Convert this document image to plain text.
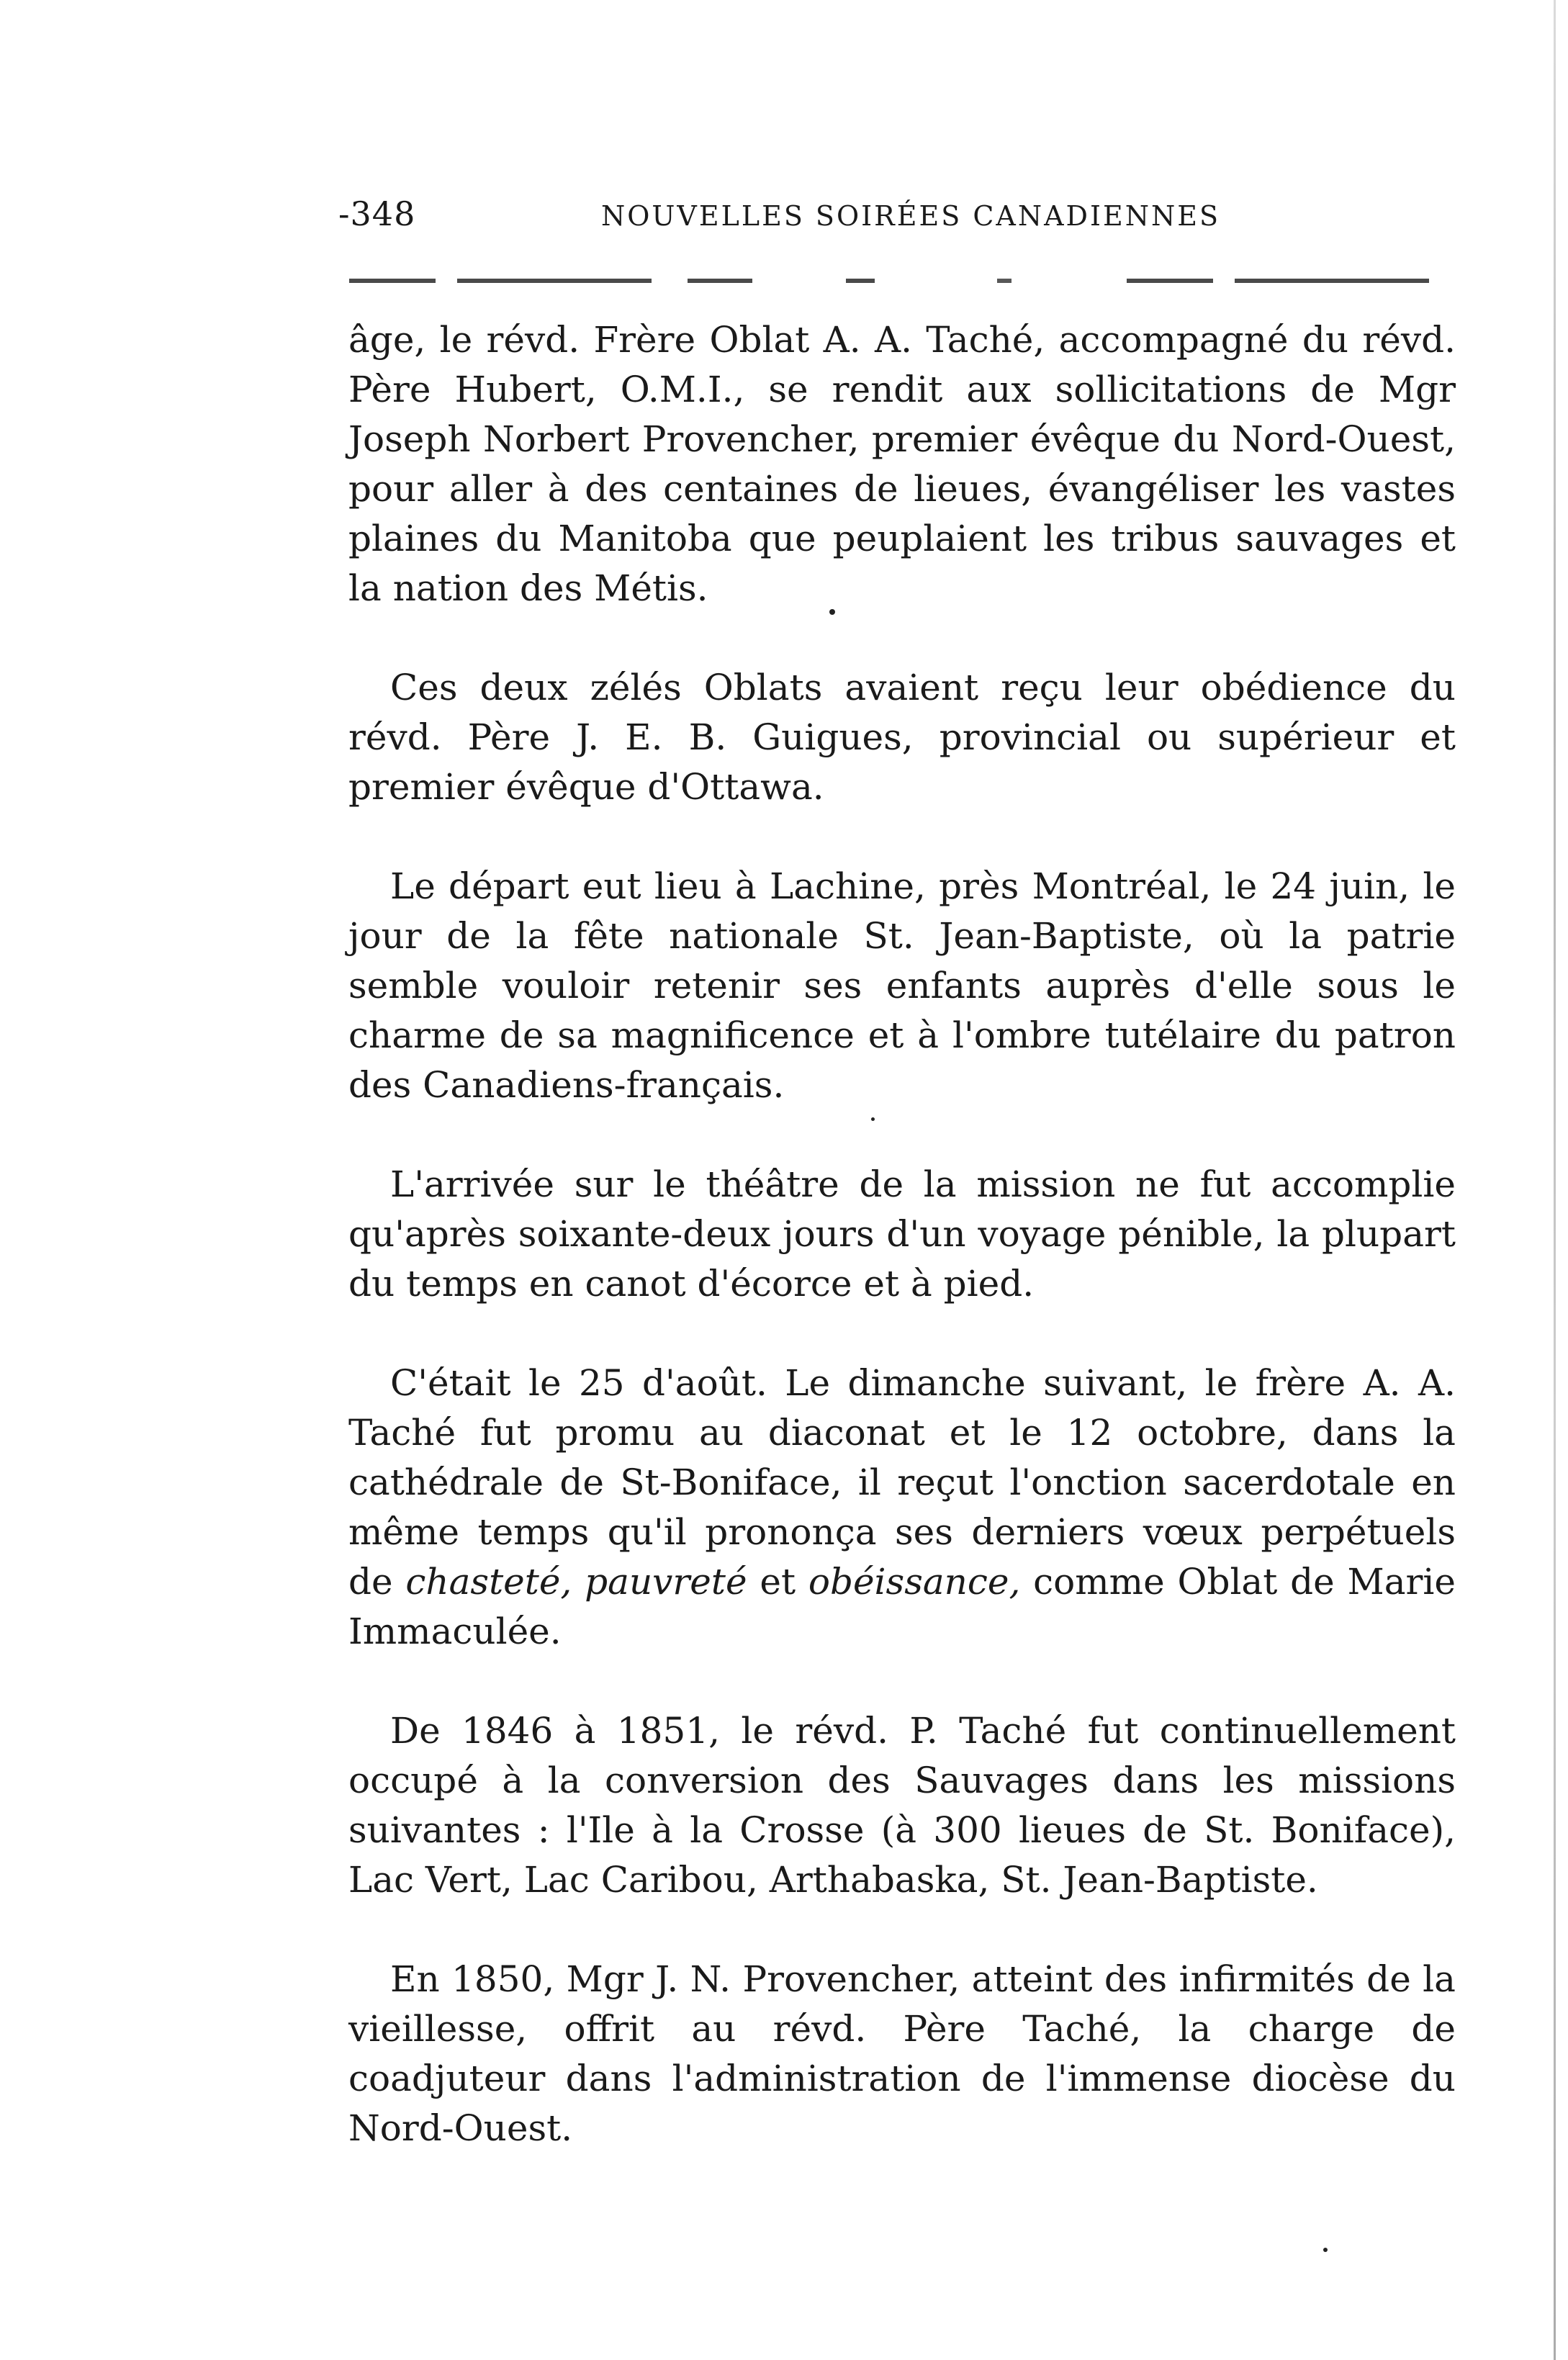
-348	NOUVELLES SOIRÉES CANADIENNES

âge, le révd. Frère Oblat A. A. Taché, accompagné du révd. Père Hubert, O.M.I., se rendit aux sollicitations de Mgr Joseph Norbert Provencher, premier évêque du Nord-Ouest, pour aller à des centaines de lieues, évangéliser les vastes plaines du Manitoba que peuplaient les tribus sauvages et la nation des Métis.

Ces deux zélés Oblats avaient reçu leur obédience du révd. Père J. E. B. Guigues, provincial ou supérieur et premier évêque d'Ottawa.

Le départ eut lieu à Lachine, près Montréal, le 24 juin, le jour de la fête nationale St. Jean-Baptiste, où la patrie semble vouloir retenir ses enfants auprès d'elle sous le charme de sa magnificence et à l'ombre tutélaire du patron des Canadiens-français.

L'arrivée sur le théâtre de la mission ne fut accomplie qu'après soixante-deux jours d'un voyage pénible, la plupart du temps en canot d'écorce et à pied.

C'était le 25 d'août. Le dimanche suivant, le frère A. A. Taché fut promu au diaconat et le 12 octobre, dans la cathédrale de St-Boniface, il reçut l'onction sacerdotale en même temps qu'il prononça ses derniers vœux perpétuels de chasteté, pauvreté et obéissance, comme Oblat de Marie Immaculée.

De 1846 à 1851, le révd. P. Taché fut continuellement occupé à la conversion des Sauvages dans les missions suivantes : l'Ile à la Crosse (à 300 lieues de St. Boniface), Lac Vert, Lac Caribou, Arthabaska, St. Jean-Baptiste.

En 1850, Mgr J. N. Provencher, atteint des infirmités de la vieillesse, offrit au révd. Père Taché, la charge de coadjuteur dans l'administration de l'immense diocèse du Nord-Ouest.
